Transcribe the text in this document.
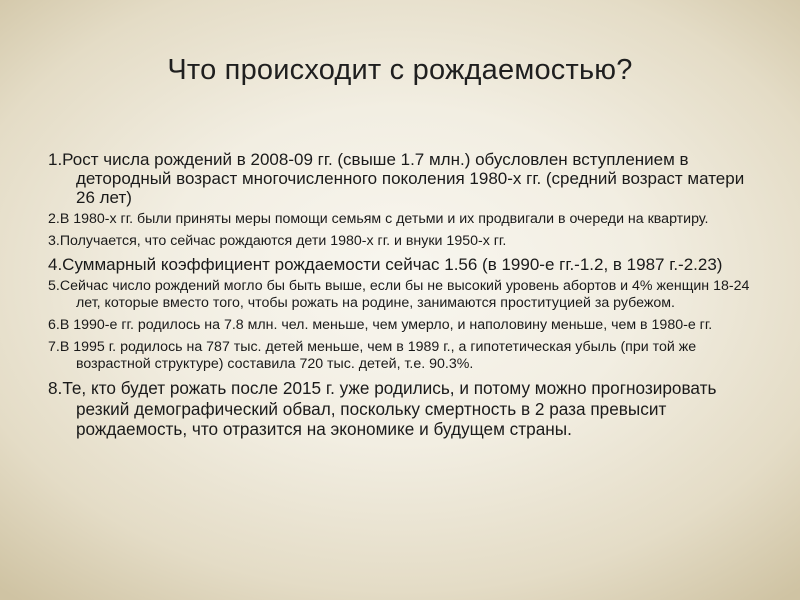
Что происходит с рождаемостью?
1.Рост числа рождений в 2008-09 гг. (свыше 1.7 млн.) обусловлен вступлением в детородный возраст многочисленного поколения 1980-х гг. (средний возраст матери 26 лет)
2.В 1980-х гг. были приняты меры помощи семьям с детьми и их продвигали в очереди на квартиру.
3.Получается, что сейчас рождаются дети 1980-х гг. и внуки 1950-х гг.
4.Суммарный коэффициент рождаемости сейчас 1.56 (в 1990-е гг.-1.2, в 1987 г.-2.23)
5.Сейчас число рождений могло бы быть выше, если бы не высокий уровень абортов и 4% женщин 18-24 лет, которые вместо того, чтобы рожать на родине, занимаются проституцией за рубежом.
6.В 1990-е гг. родилось на 7.8 млн. чел. меньше, чем умерло, и наполовину меньше, чем в 1980-е гг.
7.В 1995 г. родилось на 787 тыс. детей меньше, чем в 1989 г., а гипотетическая убыль (при той же возрастной структуре) составила 720 тыс. детей, т.е. 90.3%.
8.Те, кто будет рожать после 2015 г. уже родились, и потому можно прогнозировать резкий демографический обвал, поскольку смертность в 2 раза превысит рождаемость, что отразится на экономике и будущем страны.
